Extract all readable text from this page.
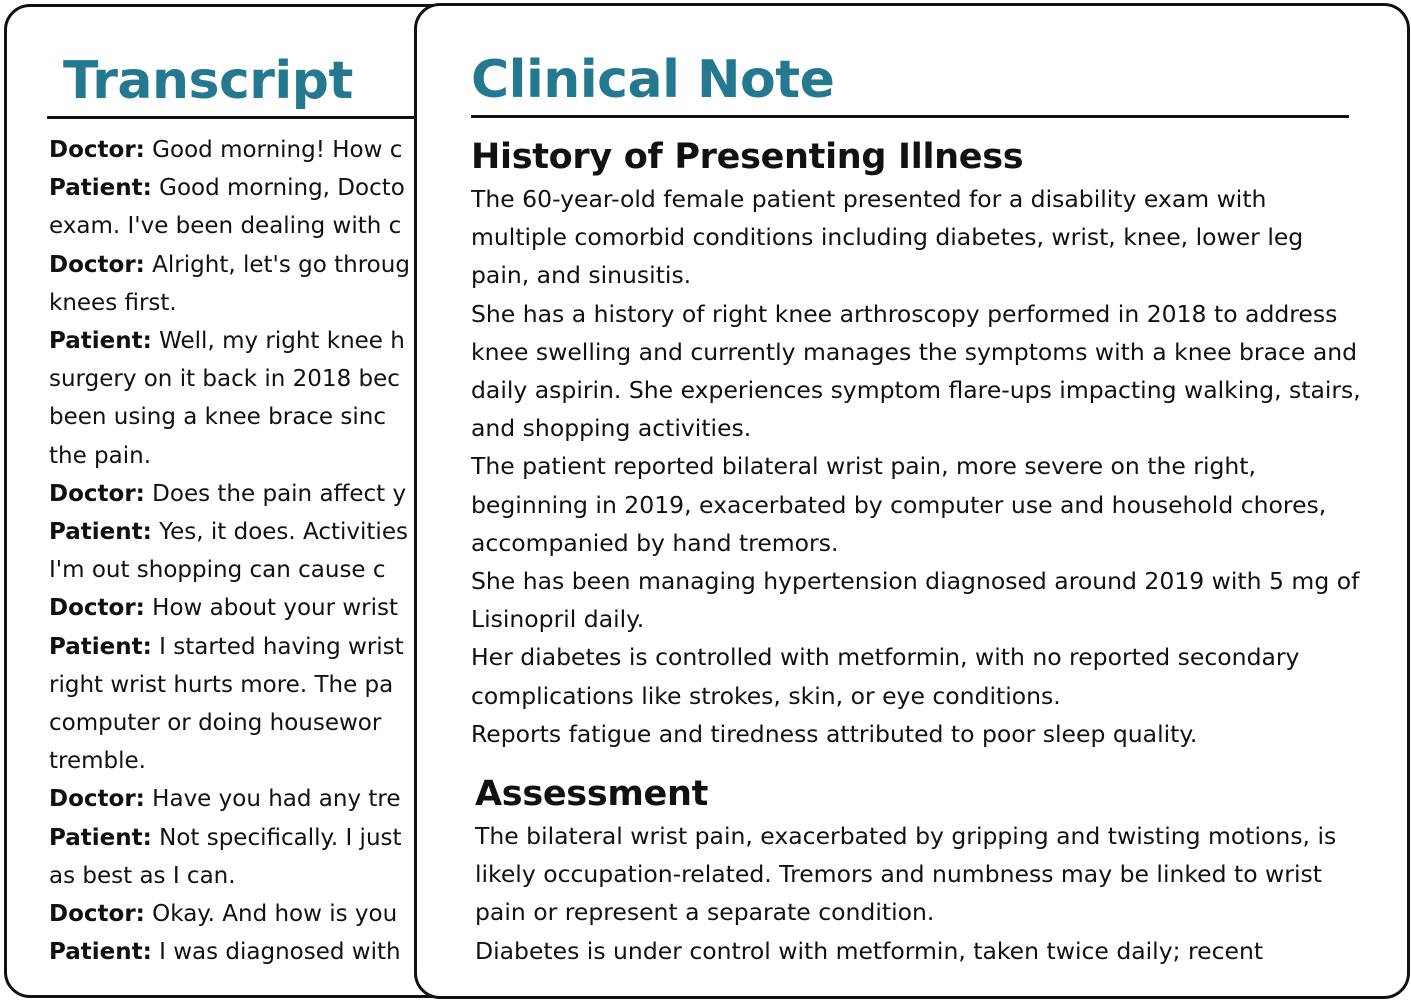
Transcript

Doctor: Good morning! How c

Patient: Good morning, Docto

exam. I've been dealing with c

Doctor: Alright, let's go throug

knees first.

Patient: Well, my right knee h

surgery on it back in 2018 bec

been using a knee brace sinc

the pain.

Doctor: Does the pain affect y

Patient: Yes, it does. Activities

I'm out shopping can cause c

Doctor: How about your wrist

Patient: I started having wrist

right wrist hurts more. The pa

computer or doing housewor

tremble.

Doctor: Have you had any tre

Patient: Not specifically. I just

as best as I can.

Doctor: Okay. And how is you

Patient: I was diagnosed with

Clinical Note
History of Presenting Illness

The 60-year-old female patient presented for a disability exam with multiple comorbid conditions including diabetes, wrist, knee, lower leg pain, and sinusitis.

She has a history of right knee arthroscopy performed in 2018 to address knee swelling and currently manages the symptoms with a knee brace and daily aspirin. She experiences symptom flare-ups impacting walking, stairs, and shopping activities.

The patient reported bilateral wrist pain, more severe on the right, beginning in 2019, exacerbated by computer use and household chores, accompanied by hand tremors.

She has been managing hypertension diagnosed around 2019 with 5 mg of Lisinopril daily.

Her diabetes is controlled with metformin, with no reported secondary complications like strokes, skin, or eye conditions.

Reports fatigue and tiredness attributed to poor sleep quality.

Assessment

The bilateral wrist pain, exacerbated by gripping and twisting motions, is likely occupation-related. Tremors and numbness may be linked to wrist pain or represent a separate condition.

Diabetes is under control with metformin, taken twice daily; recent
